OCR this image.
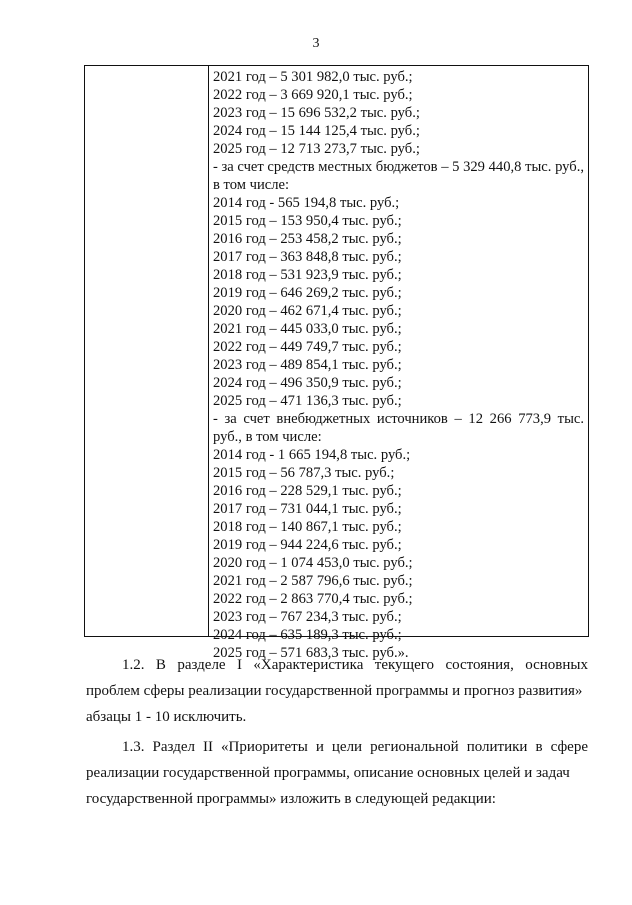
3
2021 год – 5 301 982,0 тыс. руб.;
2022 год – 3 669 920,1 тыс. руб.;
2023 год – 15 696 532,2 тыс. руб.;
2024 год – 15 144 125,4 тыс. руб.;
2025 год – 12 713 273,7 тыс. руб.;
- за счет средств местных бюджетов – 5 329 440,8 тыс. руб.,
в том числе:
2014 год - 565 194,8 тыс. руб.;
2015 год – 153 950,4 тыс. руб.;
2016 год – 253 458,2 тыс. руб.;
2017 год – 363 848,8 тыс. руб.;
2018 год – 531 923,9 тыс. руб.;
2019 год – 646 269,2 тыс. руб.;
2020 год – 462 671,4 тыс. руб.;
2021 год – 445 033,0 тыс. руб.;
2022 год – 449 749,7 тыс. руб.;
2023 год – 489 854,1 тыс. руб.;
2024 год – 496 350,9 тыс. руб.;
2025 год – 471 136,3 тыс. руб.;
- за счет внебюджетных источников – 12 266 773,9 тыс.
руб., в том числе:
2014 год - 1 665 194,8 тыс. руб.;
2015 год – 56 787,3 тыс. руб.;
2016 год – 228 529,1 тыс. руб.;
2017 год – 731 044,1 тыс. руб.;
2018 год – 140 867,1 тыс. руб.;
2019 год – 944 224,6 тыс. руб.;
2020 год – 1 074 453,0 тыс. руб.;
2021 год – 2 587 796,6 тыс. руб.;
2022 год – 2 863 770,4 тыс. руб.;
2023 год – 767 234,3 тыс. руб.;
2024 год – 635 189,3 тыс. руб.;
2025 год – 571 683,3 тыс. руб.».
1.2. В разделе I «Характеристика текущего состояния, основных
проблем сферы реализации государственной программы и прогноз развития»
абзацы 1 - 10 исключить.
1.3. Раздел II «Приоритеты и цели региональной политики в сфере
реализации государственной программы, описание основных целей и задач
государственной программы» изложить в следующей редакции:
